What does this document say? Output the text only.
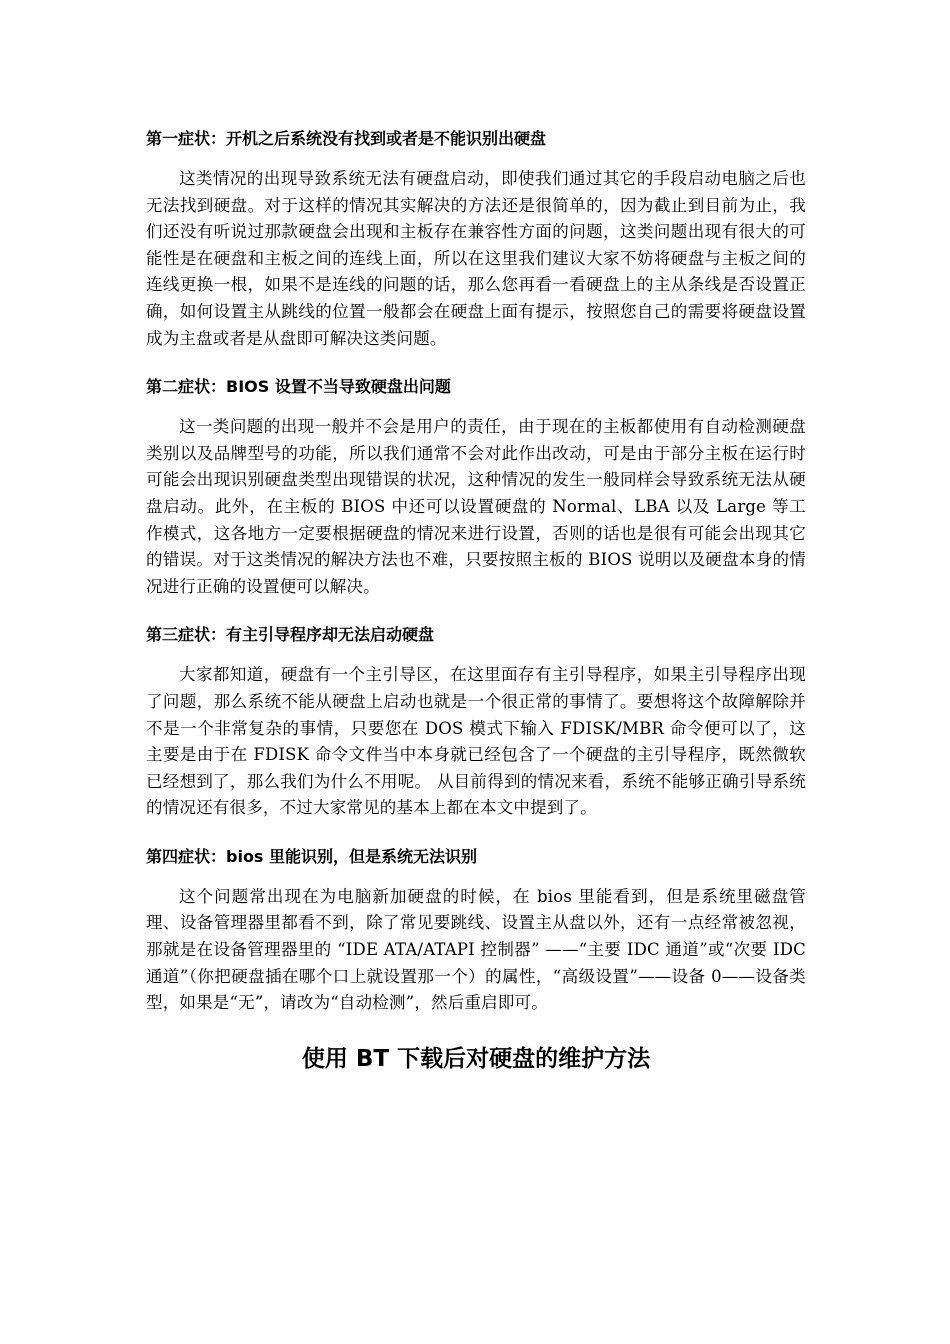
第一症状：开机之后系统没有找到或者是不能识别出硬盘

这类情况的出现导致系统无法有硬盘启动，即使我们通过其它的手段启动电脑之后也无法找到硬盘。对于这样的情况其实解决的方法还是很简单的，因为截止到目前为止，我们还没有听说过那款硬盘会出现和主板存在兼容性方面的问题，这类问题出现有很大的可能性是在硬盘和主板之间的连线上面，所以在这里我们建议大家不妨将硬盘与主板之间的连线更换一根，如果不是连线的问题的话，那么您再看一看硬盘上的主从条线是否设置正确，如何设置主从跳线的位置一般都会在硬盘上面有提示，按照您自己的需要将硬盘设置成为主盘或者是从盘即可解决这类问题。

第二症状：BIOS 设置不当导致硬盘出问题

这一类问题的出现一般并不会是用户的责任，由于现在的主板都使用有自动检测硬盘类别以及品牌型号的功能，所以我们通常不会对此作出改动，可是由于部分主板在运行时可能会出现识别硬盘类型出现错误的状况，这种情况的发生一般同样会导致系统无法从硬盘启动。此外，在主板的 BIOS 中还可以设置硬盘的 Normal、LBA 以及 Large 等工作模式，这各地方一定要根据硬盘的情况来进行设置，否则的话也是很有可能会出现其它的错误。对于这类情况的解决方法也不难，只要按照主板的 BIOS 说明以及硬盘本身的情况进行正确的设置便可以解决。

第三症状：有主引导程序却无法启动硬盘

大家都知道，硬盘有一个主引导区，在这里面存有主引导程序，如果主引导程序出现了问题，那么系统不能从硬盘上启动也就是一个很正常的事情了。要想将这个故障解除并不是一个非常复杂的事情，只要您在 DOS 模式下输入 FDISK/MBR 命令便可以了，这主要是由于在 FDISK 命令文件当中本身就已经包含了一个硬盘的主引导程序，既然微软已经想到了，那么我们为什么不用呢。 从目前得到的情况来看，系统不能够正确引导系统的情况还有很多，不过大家常见的基本上都在本文中提到了。

第四症状：bios 里能识别，但是系统无法识别

这个问题常出现在为电脑新加硬盘的时候，在 bios 里能看到，但是系统里磁盘管理、设备管理器里都看不到，除了常见要跳线、设置主从盘以外，还有一点经常被忽视，那就是在设备管理器里的 “IDE ATA/ATAPI 控制器” ——“主要 IDC 通道”或“次要 IDC 通道”（你把硬盘插在哪个口上就设置那一个）的属性，“高级设置”——设备 0——设备类型，如果是“无”，请改为“自动检测”，然后重启即可。

使用 BT 下载后对硬盘的维护方法
